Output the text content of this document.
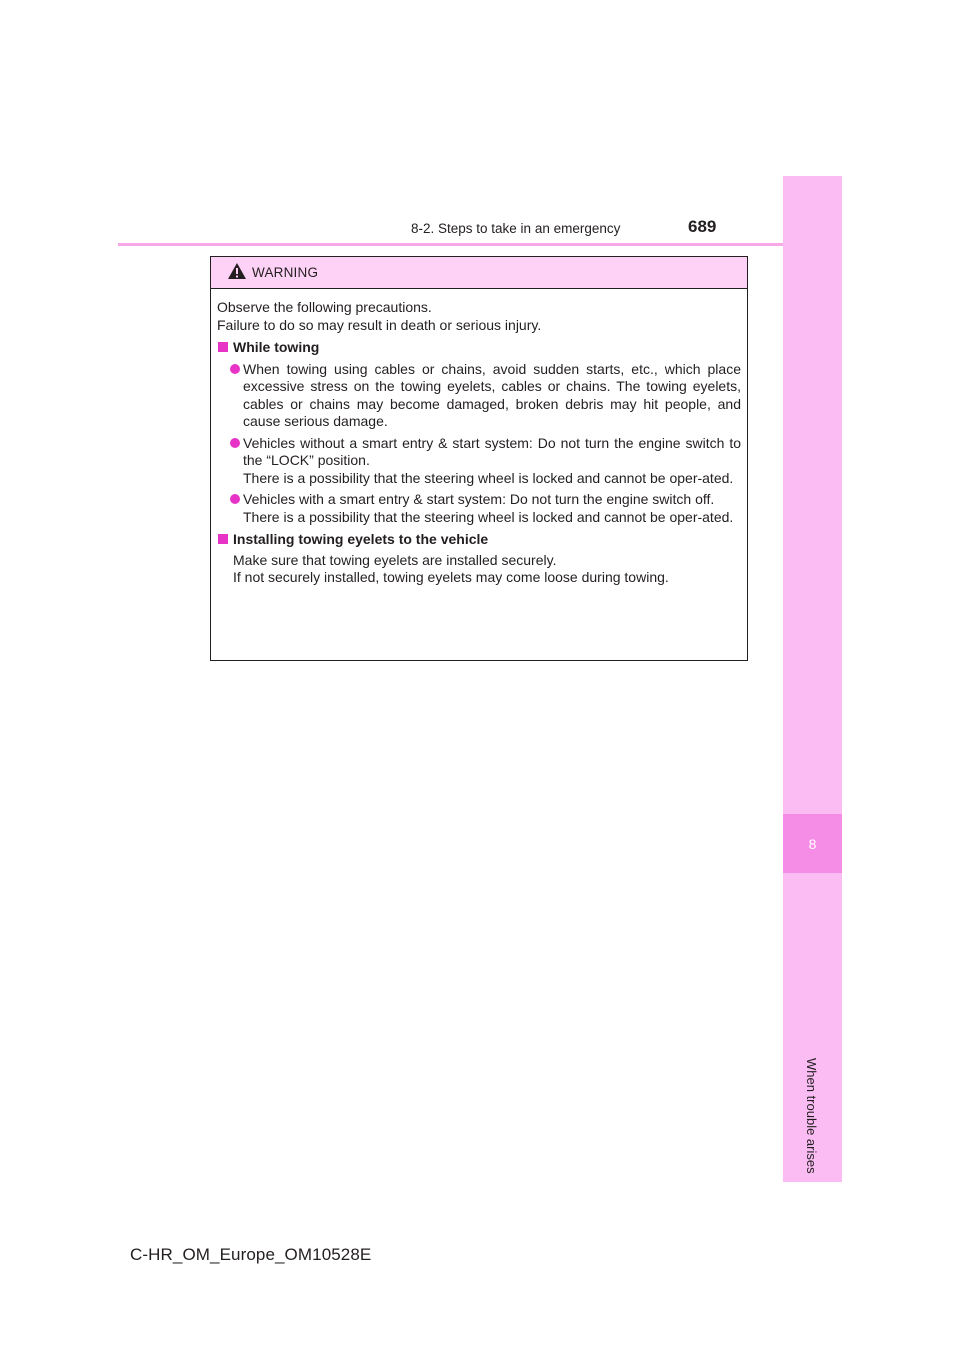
8-2. Steps to take in an emergency	689
8
When trouble arises
WARNING

Observe the following precautions.

Failure to do so may result in death or serious injury.

While towing
When towing using cables or chains, avoid sudden starts, etc., which place excessive stress on the towing eyelets, cables or chains. The towing eyelets, cables or chains may become damaged, broken debris may hit people, and cause serious damage.
Vehicles without a smart entry & start system: Do not turn the engine switch to the “LOCK” position.
There is a possibility that the steering wheel is locked and cannot be oper-ated.
Vehicles with a smart entry & start system: Do not turn the engine switch off.
There is a possibility that the steering wheel is locked and cannot be oper-ated.
Installing towing eyelets to the vehicle

Make sure that towing eyelets are installed securely.

If not securely installed, towing eyelets may come loose during towing.

C-HR_OM_Europe_OM10528E
